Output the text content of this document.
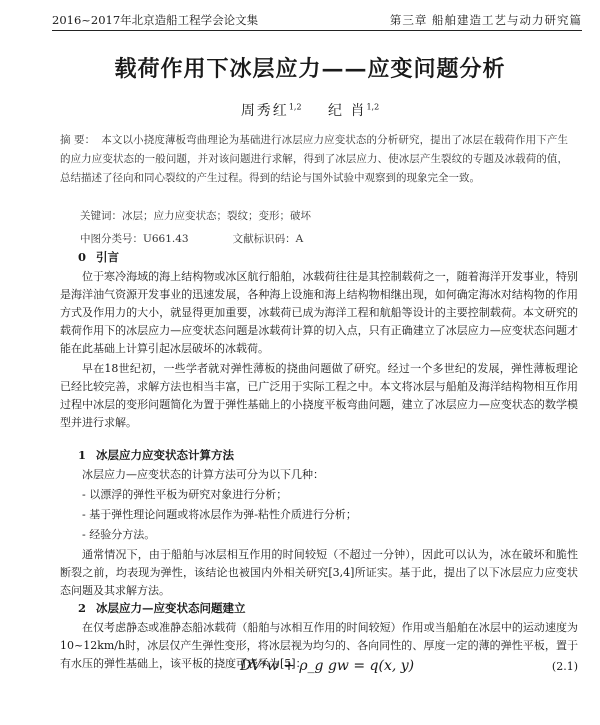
2016~2017年北京造船工程学会论文集	第三章 船舶建造工艺与动力研究篇
载荷作用下冰层应力——应变问题分析
周秀红$^{1,2}$ 纪 肖$^{1,2}$
摘 要： 本文以小挠度薄板弯曲理论为基础进行冰层应力应变状态的分析研究，提出了冰层在载荷作用下产生的应力应变状态的一般问题，并对该问题进行求解，得到了冰层应力、使冰层产生裂纹的专题及冰载荷的值，总结描述了径向和同心裂纹的产生过程。得到的结论与国外试验中观察到的现象完全一致。
关键词：冰层；应力应变状态；裂纹；变形；破坏
中图分类号：U661.43	文献标识码：A
0 引言
位于寒冷海域的海上结构物或冰区航行船舶，冰载荷往往是其控制载荷之一，随着海洋开发事业，特别是海洋油气资源开发事业的迅速发展，各种海上设施和海上结构物相继出现，如何确定海冰对结构物的作用方式及作用力的大小，就显得更加重要，冰载荷已成为海洋工程和航船等设计的主要控制载荷。本文研究的载荷作用下的冰层应力—应变状态问题是冰载荷计算的切入点，只有正确建立了冰层应力—应变状态问题才能在此基础上计算引起冰层破坏的冰载荷。
早在18世纪初，一些学者就对弹性薄板的挠曲问题做了研究。经过一个多世纪的发展，弹性薄板理论已经比较完善，求解方法也相当丰富，已广泛用于实际工程之中。本文将冰层与船舶及海洋结构物相互作用过程中冰层的变形问题简化为置于弹性基础上的小挠度平板弯曲问题，建立了冰层应力—应变状态的数学模型并进行求解。
1 冰层应力应变状态计算方法
冰层应力—应变状态的计算方法可分为以下几种：
- 以漂浮的弹性平板为研究对象进行分析；
- 基于弹性理论问题或将冰层作为弹-粘性介质进行分析；
- 经验分方法。
通常情况下，由于船舶与冰层相互作用的时间较短（不超过一分钟），因此可以认为，冰在破坏和脆性断裂之前，均表现为弹性，该结论也被国内外相关研究[3,4]所证实。基于此，提出了以下冰层应力应变状态问题及其求解方法。
2 冰层应力—应变状态问题建立
在仅考虑静态或准静态船冰载荷（船舶与冰相互作用的时间较短）作用或当船舶在冰层中的运动速度为10~12km/h时，冰层仅产生弹性变形，将冰层视为均匀的、各向同性的、厚度一定的薄的弹性平板，置于有水压的弹性基础上，该平板的挠度可表示为[5]：
DV⁴w + ρ_g gw = q(x, y)	(2.1)
